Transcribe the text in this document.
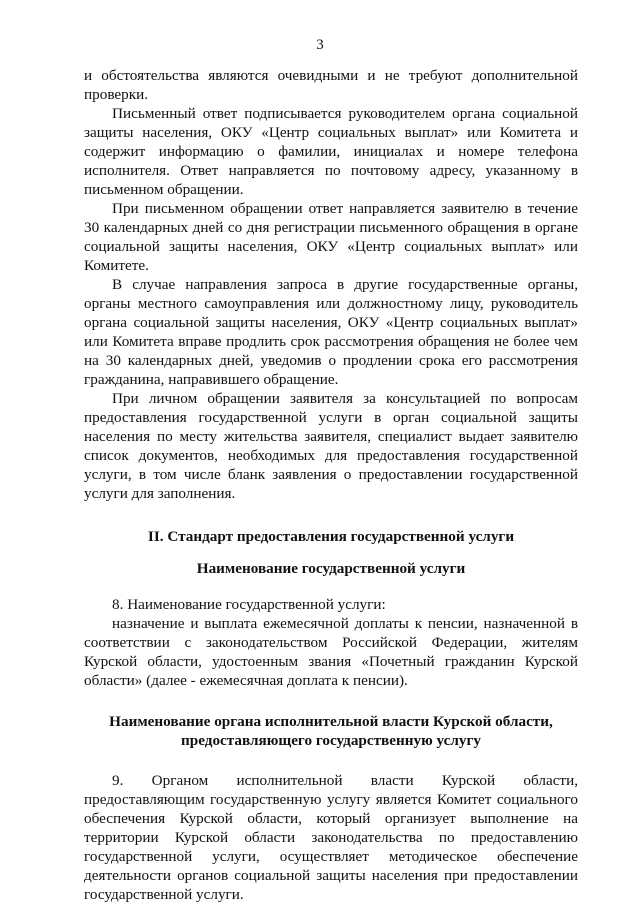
3

и обстоятельства являются очевидными и не требуют дополнительной проверки.

Письменный ответ подписывается руководителем органа социальной защиты населения, ОКУ «Центр социальных выплат» или Комитета и содержит информацию о фамилии, инициалах и номере телефона исполнителя. Ответ направляется по почтовому адресу, указанному в письменном обращении.

При письменном обращении ответ направляется заявителю в течение 30 календарных дней со дня регистрации письменного обращения в органе социальной защиты населения, ОКУ «Центр социальных выплат» или Комитете.

В случае направления запроса в другие государственные органы, органы местного самоуправления или должностному лицу, руководитель органа социальной защиты населения, ОКУ «Центр социальных выплат» или Комитета вправе продлить срок рассмотрения обращения не более чем на 30 календарных дней, уведомив о продлении срока его рассмотрения гражданина, направившего обращение.

При личном обращении заявителя за консультацией по вопросам предоставления государственной услуги в орган социальной защиты населения по месту жительства заявителя, специалист выдает заявителю список документов, необходимых для предоставления государственной услуги, в том числе бланк заявления о предоставлении государственной услуги для заполнения.

II. Стандарт предоставления государственной услуги
Наименование государственной услуги

8. Наименование государственной услуги:

назначение и выплата ежемесячной доплаты к пенсии, назначенной в соответствии с законодательством Российской Федерации, жителям Курской области, удостоенным звания «Почетный гражданин Курской области» (далее - ежемесячная доплата к пенсии).

Наименование органа исполнительной власти Курской области,
предоставляющего государственную услугу

9. Органом исполнительной власти Курской области, предоставляющим государственную услугу является Комитет социального обеспечения Курской области, который организует выполнение на территории Курской области законодательства по предоставлению государственной услуги, осуществляет методическое обеспечение деятельности органов социальной защиты населения при предоставлении государственной услуги.
